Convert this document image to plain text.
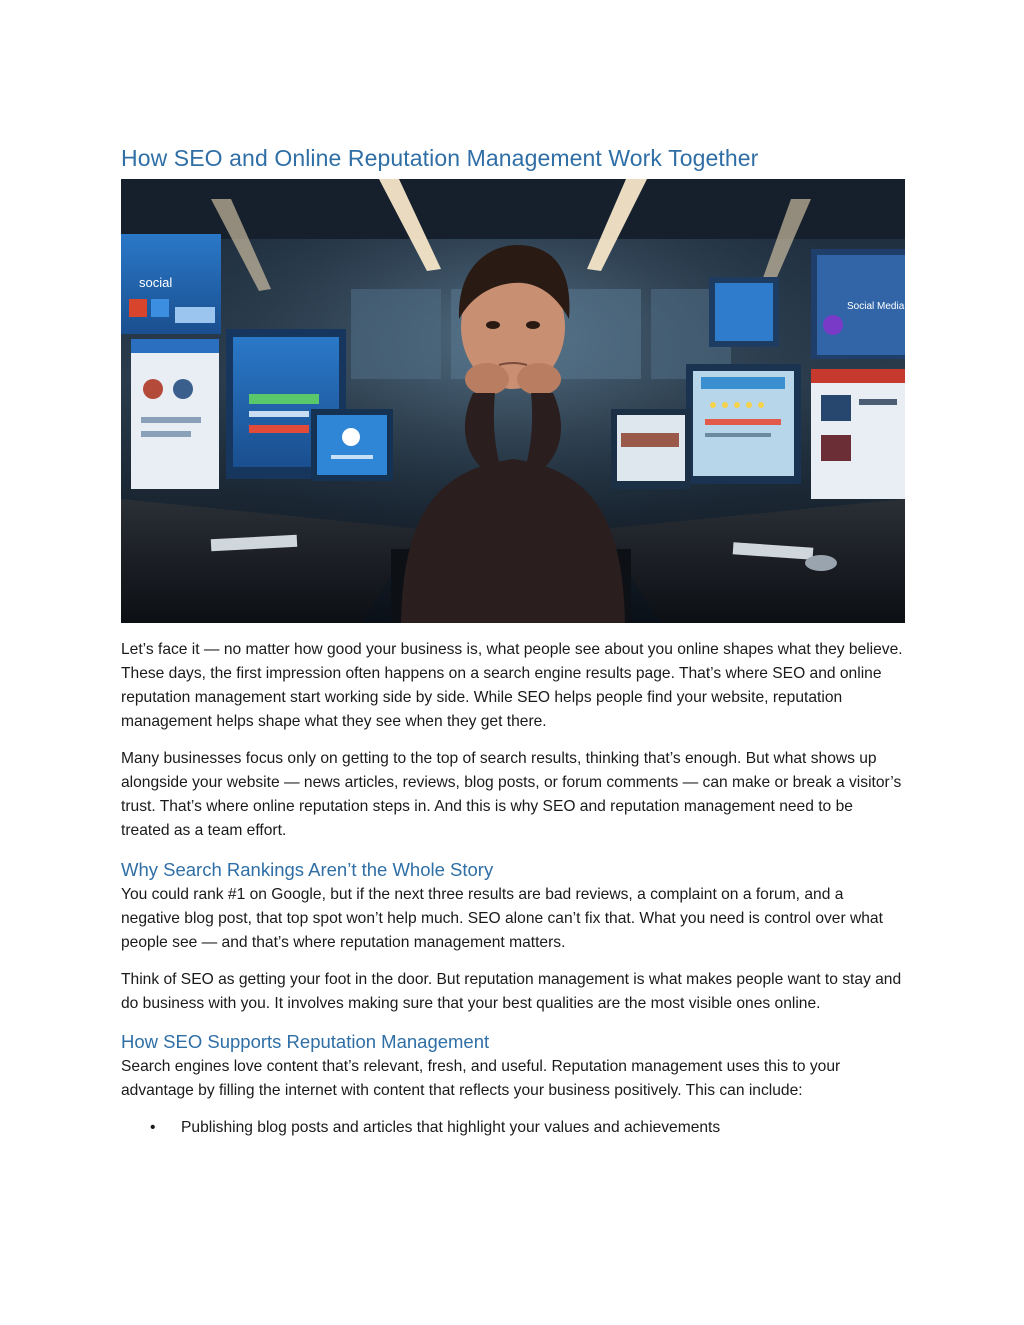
How SEO and Online Reputation Management Work Together
social
Social Media

Let’s face it — no matter how good your business is, what people see about you online shapes what they believe. These days, the first impression often happens on a search engine results page. That’s where SEO and online reputation management start working side by side. While SEO helps people find your website, reputation management helps shape what they see when they get there.

Many businesses focus only on getting to the top of search results, thinking that’s enough. But what shows up alongside your website — news articles, reviews, blog posts, or forum comments — can make or break a visitor’s trust. That’s where online reputation steps in. And this is why SEO and reputation management need to be treated as a team effort.

Why Search Rankings Aren’t the Whole Story

You could rank #1 on Google, but if the next three results are bad reviews, a complaint on a forum, and a negative blog post, that top spot won’t help much. SEO alone can’t fix that. What you need is control over what people see — and that’s where reputation management matters.

Think of SEO as getting your foot in the door. But reputation management is what makes people want to stay and do business with you. It involves making sure that your best qualities are the most visible ones online.

How SEO Supports Reputation Management

Search engines love content that’s relevant, fresh, and useful. Reputation management uses this to your advantage by filling the internet with content that reflects your business positively. This can include:

• Publishing blog posts and articles that highlight your values and achievements
